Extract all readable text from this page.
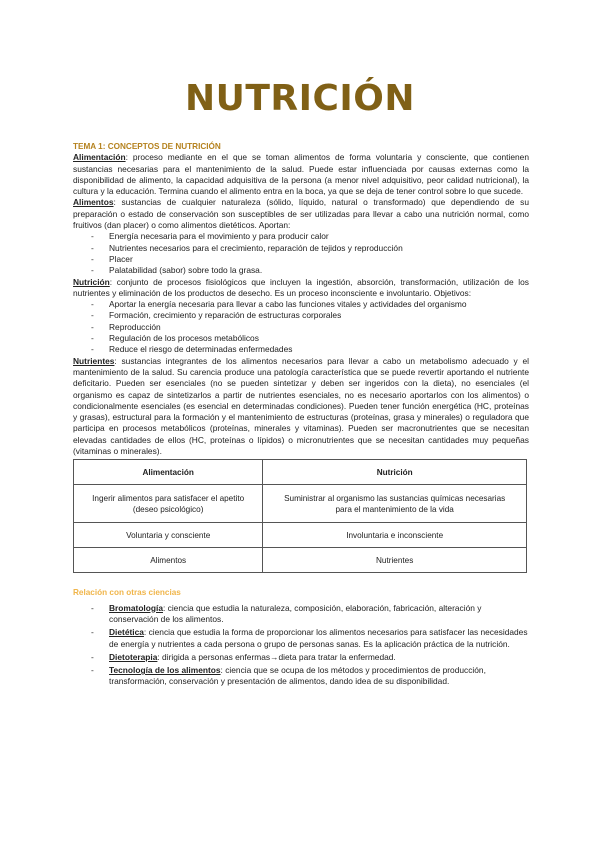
NUTRICIÓN
TEMA 1: CONCEPTOS DE NUTRICIÓN

Alimentación: proceso mediante en el que se toman alimentos de forma voluntaria y consciente, que contienen sustancias necesarias para el mantenimiento de la salud. Puede estar influenciada por causas externas como la disponibilidad de alimento, la capacidad adquisitiva de la persona (a menor nivel adquisitivo, peor calidad nutricional), la cultura y la educación. Termina cuando el alimento entra en la boca, ya que se deja de tener control sobre lo que sucede.

Alimentos: sustancias de cualquier naturaleza (sólido, líquido, natural o transformado) que dependiendo de su preparación o estado de conservación son susceptibles de ser utilizadas para llevar a cabo una nutrición normal, como fruitivos (dan placer) o como alimentos dietéticos. Aportan:

- Energía necesaria para el movimiento y para producir calor
- Nutrientes necesarios para el crecimiento, reparación de tejidos y reproducción
- Placer
- Palatabilidad (sabor) sobre todo la grasa.

Nutrición: conjunto de procesos fisiológicos que incluyen la ingestión, absorción, transformación, utilización de los nutrientes y eliminación de los productos de desecho. Es un proceso inconsciente e involuntario. Objetivos:

- Aportar la energía necesaria para llevar a cabo las funciones vitales y actividades del organismo
- Formación, crecimiento y reparación de estructuras corporales
- Reproducción
- Regulación de los procesos metabólicos
- Reduce el riesgo de determinadas enfermedades

Nutrientes: sustancias integrantes de los alimentos necesarios para llevar a cabo un metabolismo adecuado y el mantenimiento de la salud. Su carencia produce una patología característica que se puede revertir aportando el nutriente deficitario. Pueden ser esenciales (no se pueden sintetizar y deben ser ingeridos con la dieta), no esenciales (el organismo es capaz de sintetizarlos a partir de nutrientes esenciales, no es necesario aportarlos con los alimentos) o condicionalmente esenciales (es esencial en determinadas condiciones). Pueden tener función energética (HC, proteínas y grasas), estructural para la formación y el mantenimiento de estructuras (proteínas, grasa y minerales) o reguladora que participa en procesos metabólicos (proteínas, minerales y vitaminas). Pueden ser macronutrientes que se necesitan elevadas cantidades de ellos (HC, proteínas o lípidos) o micronutrientes que se necesitan cantidades muy pequeñas (vitaminas o minerales).

Alimentación	Nutrición
Ingerir alimentos para satisfacer el apetito (deseo psicológico)	Suministrar al organismo las sustancias químicas necesarias para el mantenimiento de la vida
Voluntaria y consciente	Involuntaria e inconsciente
Alimentos	Nutrientes
Relación con otras ciencias
- Bromatología: ciencia que estudia la naturaleza, composición, elaboración, fabricación, alteración y conservación de los alimentos.
- Dietética: ciencia que estudia la forma de proporcionar los alimentos necesarios para satisfacer las necesidades de energía y nutrientes a cada persona o grupo de personas sanas. Es la aplicación práctica de la nutrición.
- Dietoterapia: dirigida a personas enfermas→dieta para tratar la enfermedad.
- Tecnología de los alimentos: ciencia que se ocupa de los métodos y procedimientos de producción, transformación, conservación y presentación de alimentos, dando idea de su disponibilidad.
